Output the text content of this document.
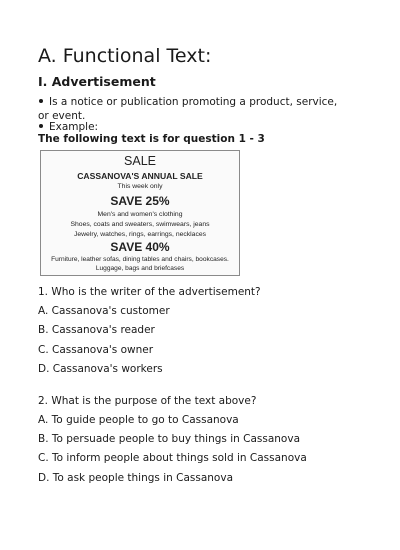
A. Functional Text:
I. Advertisement
Is a notice or publication promoting a product, service, or event.
Example:
The following text is for question 1 - 3
SALE
CASSANOVA'S ANNUAL SALE
This week only
SAVE 25%
Men's and women's clothing
Shoes, coats and sweaters, swimwears, jeans
Jewelry, watches, rings, earrings, necklaces
SAVE 40%
Furniture, leather sofas, dining tables and chairs, bookcases.
Luggage, bags and briefcases
1. Who is the writer of the advertisement?
A. Cassanova's customer
B. Cassanova's reader
C. Cassanova's owner
D. Cassanova's workers
2. What is the purpose of the text above?
A. To guide people to go to Cassanova
B. To persuade people to buy things in Cassanova
C. To inform people about things sold in Cassanova
D. To ask people things in Cassanova
